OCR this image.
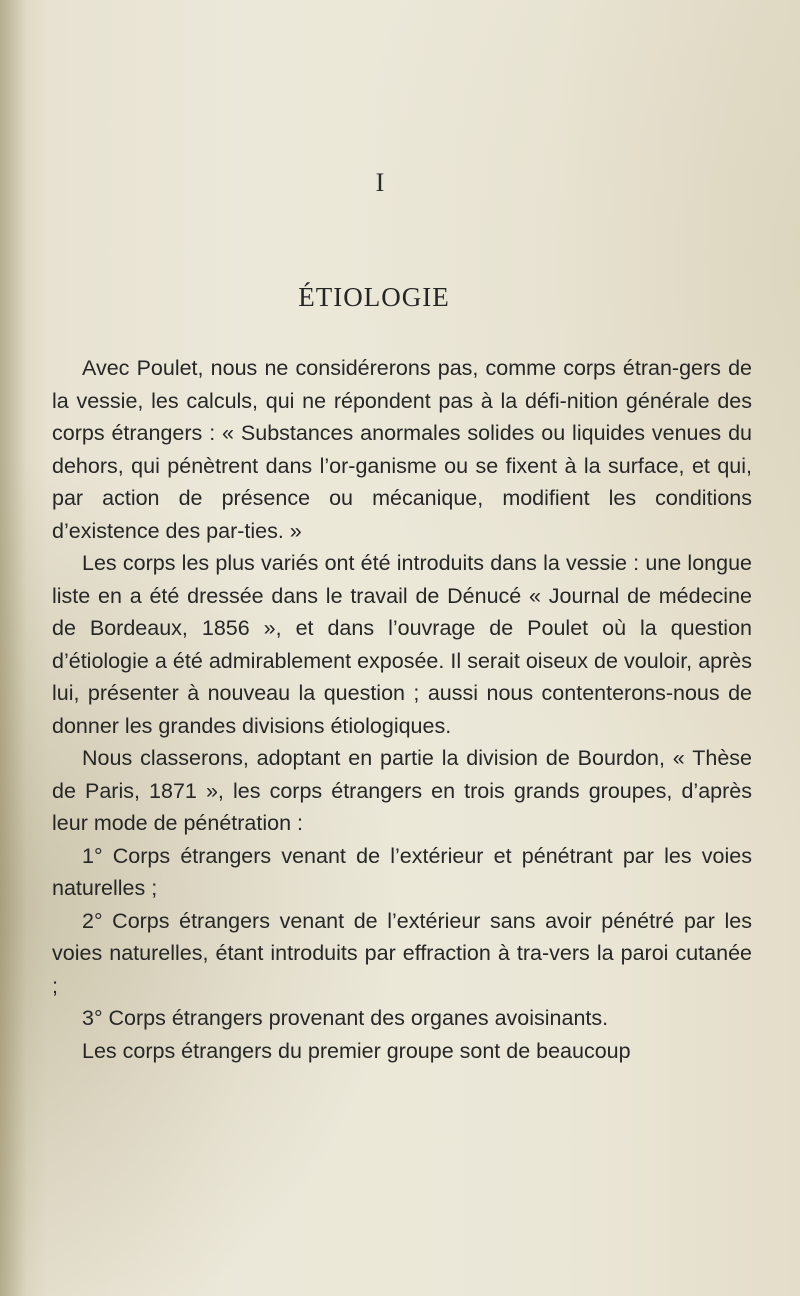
I
ÉTIOLOGIE

Avec Poulet, nous ne considérerons pas, comme corps étran-gers de la vessie, les calculs, qui ne répondent pas à la défi-nition générale des corps étrangers : « Substances anormales solides ou liquides venues du dehors, qui pénètrent dans l’or-ganisme ou se fixent à la surface, et qui, par action de présence ou mécanique, modifient les conditions d’existence des par-ties. »

Les corps les plus variés ont été introduits dans la vessie : une longue liste en a été dressée dans le travail de Dénucé « Journal de médecine de Bordeaux, 1856 », et dans l’ouvrage de Poulet où la question d’étiologie a été admirablement exposée. Il serait oiseux de vouloir, après lui, présenter à nouveau la question ; aussi nous contenterons-nous de donner les grandes divisions étiologiques.

Nous classerons, adoptant en partie la division de Bourdon, « Thèse de Paris, 1871 », les corps étrangers en trois grands groupes, d’après leur mode de pénétration :

1° Corps étrangers venant de l’extérieur et pénétrant par les voies naturelles ;

2° Corps étrangers venant de l’extérieur sans avoir pénétré par les voies naturelles, étant introduits par effraction à tra-vers la paroi cutanée ;

3° Corps étrangers provenant des organes avoisinants.

Les corps étrangers du premier groupe sont de beaucoup
